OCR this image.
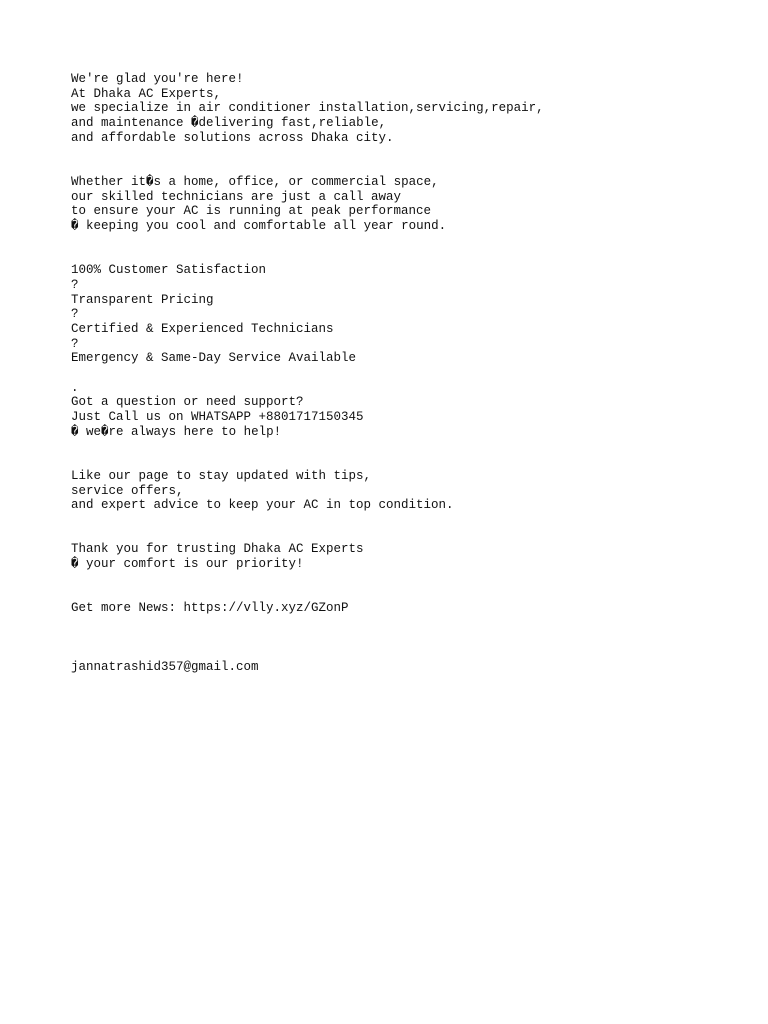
We're glad you're here!
At Dhaka AC Experts,
we specialize in air conditioner installation,servicing,repair,
and maintenance �delivering fast,reliable,
and affordable solutions across Dhaka city.
Whether it�s a home, office, or commercial space,
our skilled technicians are just a call away
to ensure your AC is running at peak performance
� keeping you cool and comfortable all year round.
100% Customer Satisfaction
?
Transparent Pricing
?
Certified & Experienced Technicians
?
Emergency & Same-Day Service Available
.
Got a question or need support?
Just Call us on WHATSAPP +8801717150345
� we�re always here to help!
Like our page to stay updated with tips,
service offers,
and expert advice to keep your AC in top condition.
Thank you for trusting Dhaka AC Experts
� your comfort is our priority!
Get more News: https://vlly.xyz/GZonP
jannatrashid357@gmail.com
